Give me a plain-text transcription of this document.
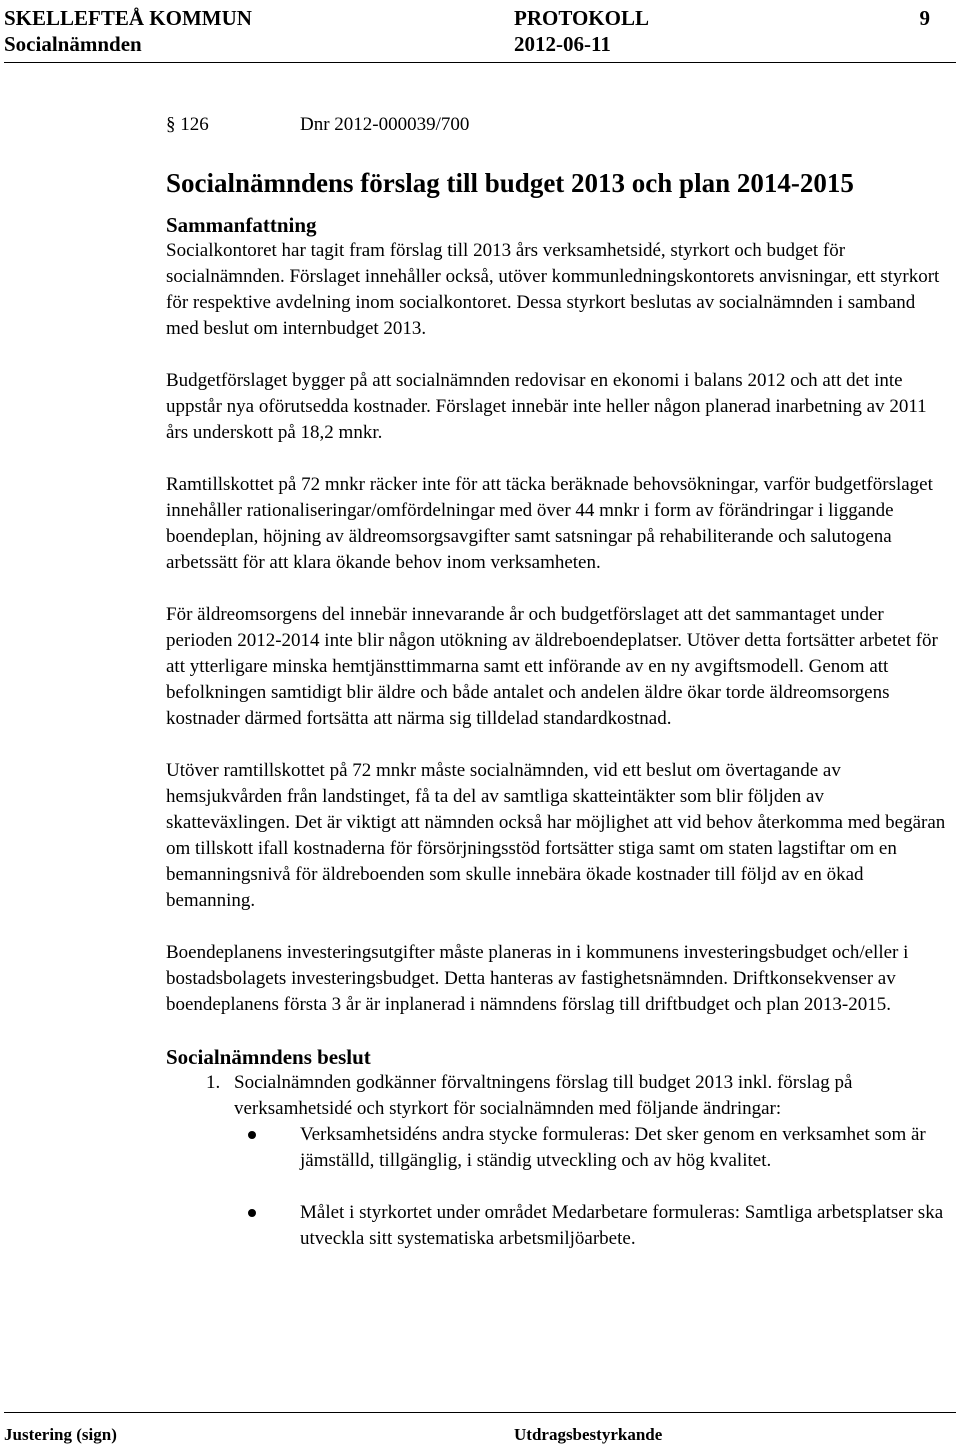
SKELLEFTEÅ KOMMUN	PROTOKOLL	9
Socialnämnden	2012-06-11
§ 126	Dnr 2012-000039/700
Socialnämndens förslag till budget 2013 och plan 2014-2015
Sammanfattning

Socialkontoret har tagit fram förslag till 2013 års verksamhetsidé, styrkort och budget för socialnämnden. Förslaget innehåller också, utöver kommunledningskontorets anvisningar, ett styrkort för respektive avdelning inom socialkontoret. Dessa styrkort beslutas av socialnämnden i samband med beslut om internbudget 2013.

Budgetförslaget bygger på att socialnämnden redovisar en ekonomi i balans 2012 och att det inte uppstår nya oförutsedda kostnader. Förslaget innebär inte heller någon planerad inarbetning av 2011 års underskott på 18,2 mnkr.

Ramtillskottet på 72 mnkr räcker inte för att täcka beräknade behovsökningar, varför budgetförslaget innehåller rationaliseringar/omfördelningar med över 44 mnkr i form av förändringar i liggande boendeplan, höjning av äldreomsorgsavgifter samt satsningar på rehabiliterande och salutogena arbetssätt för att klara ökande behov inom verksamheten.

För äldreomsorgens del innebär innevarande år och budgetförslaget att det sammantaget under perioden 2012-2014 inte blir någon utökning av äldreboendeplatser. Utöver detta fortsätter arbetet för att ytterligare minska hemtjänsttimmarna samt ett införande av en ny avgiftsmodell. Genom att befolkningen samtidigt blir äldre och både antalet och andelen äldre ökar torde äldreomsorgens kostnader därmed fortsätta att närma sig tilldelad standardkostnad.

Utöver ramtillskottet på 72 mnkr måste socialnämnden, vid ett beslut om övertagande av hemsjukvården från landstinget, få ta del av samtliga skatteintäkter som blir följden av skatteväxlingen. Det är viktigt att nämnden också har möjlighet att vid behov återkomma med begäran om tillskott ifall kostnaderna för försörjningsstöd fortsätter stiga samt om staten lagstiftar om en bemanningsnivå för äldreboenden som skulle innebära ökade kostnader till följd av en ökad bemanning.

Boendeplanens investeringsutgifter måste planeras in i kommunens investeringsbudget och/eller i bostadsbolagets investeringsbudget. Detta hanteras av fastighetsnämnden. Driftkonsekvenser av boendeplanens första 3 år är inplanerad i nämndens förslag till driftbudget och plan 2013-2015.

Socialnämndens beslut
1. Socialnämnden godkänner förvaltningens förslag till budget 2013 inkl. förslag på verksamhetsidé och styrkort för socialnämnden med följande ändringar:
Verksamhetsidéns andra stycke formuleras: Det sker genom en verksamhet som är jämställd, tillgänglig, i ständig utveckling och av hög kvalitet.
Målet i styrkortet under området Medarbetare formuleras: Samtliga arbetsplatser ska utveckla sitt systematiska arbetsmiljöarbete.
Justering (sign)	Utdragsbestyrkande
